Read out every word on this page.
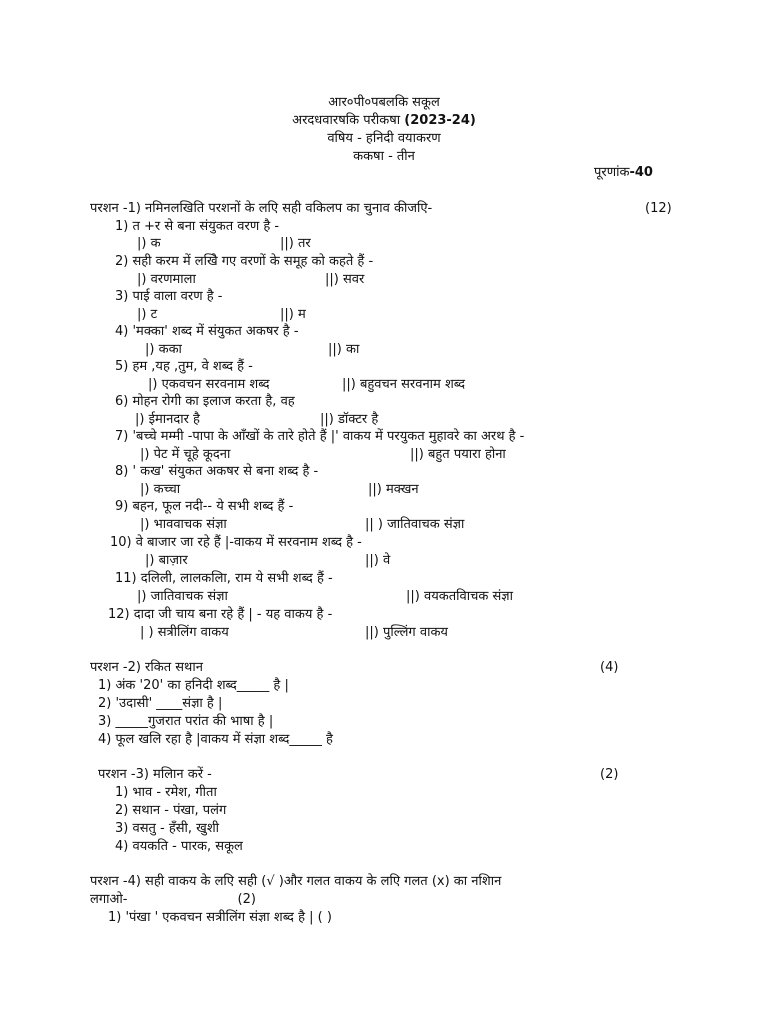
आर०पी०पबलकि सकूल
अरदधवारषकि परीकषा (2023-24)
वषिय - हनिदी वयाकरण
ककषा - तीन
पूरणांक-40
परशन -1) नमिनलखिति परशनों के लएि सही वकिलप का चुनाव कीजएि-	(12)
1) त +र से बना संयुकत वरण है -
|) क	||) तर
2) सही करम में लखिे गए वरणों के समूह को कहते हैं -
|) वरणमाला	||) सवर
3) पाई वाला वरण है -
|) ट	||) म
4) 'मक्का' शब्द में संयुकत अकषर है -
|) कका	||) का
5) हम ,यह ,तुम, वे शब्द हैं -
|) एकवचन सरवनाम शब्द	||) बहुवचन सरवनाम शब्द
6) मोहन रोगी का इलाज करता है, वह
|) ईमानदार है	||) डॉक्टर है
7) 'बच्चे मम्मी -पापा के आँखों के तारे होते हैं |' वाकय में परयुकत मुहावरे का अरथ है -
|) पेट में चूहे कूदना	||) बहुत पयारा होना
8) ' कख' संयुकत अकषर से बना शब्द है -
|) कच्चा	||) मक्खन
9) बहन, फूल नदी-- ये सभी शब्द हैं -
|) भाववाचक संज्ञा	|| ) जातिवाचक संज्ञा
10) वे बाजार जा रहे हैं |-वाकय में सरवनाम शब्द है -
|) बाज़ार	||) वे
11) दलिली, लालकलिा, राम ये सभी शब्द हैं -
|) जातिवाचक संज्ञा	||) वयकतविाचक संज्ञा
12) दादा जी चाय बना रहे हैं | - यह वाकय है -
| ) सत्रीलिंग वाकय	||) पुल्लिंग वाकय
परशन -2) रकित सथान	(4)
1) अंक '20' का हनिदी शब्द_____ है |
2) 'उदासी' ____संज्ञा है |
3) _____गुजरात परांत की भाषा है |
4) फूल खलि रहा है |वाकय में संज्ञा शब्द_____ है
परशन -3) मलिान करें -	(2)
1) भाव - रमेश, गीता
2) सथान - पंखा, पलंग
3) वसतु - हँसी, खुशी
4) वयकति - पारक, सकूल
परशन -4) सही वाकय के लएि सही (√ )और गलत वाकय के लएि गलत (x) का नशिान
लगाओ-	(2)
1) 'पंखा ' एकवचन सत्रीलिंग संज्ञा शब्द है | ( )
